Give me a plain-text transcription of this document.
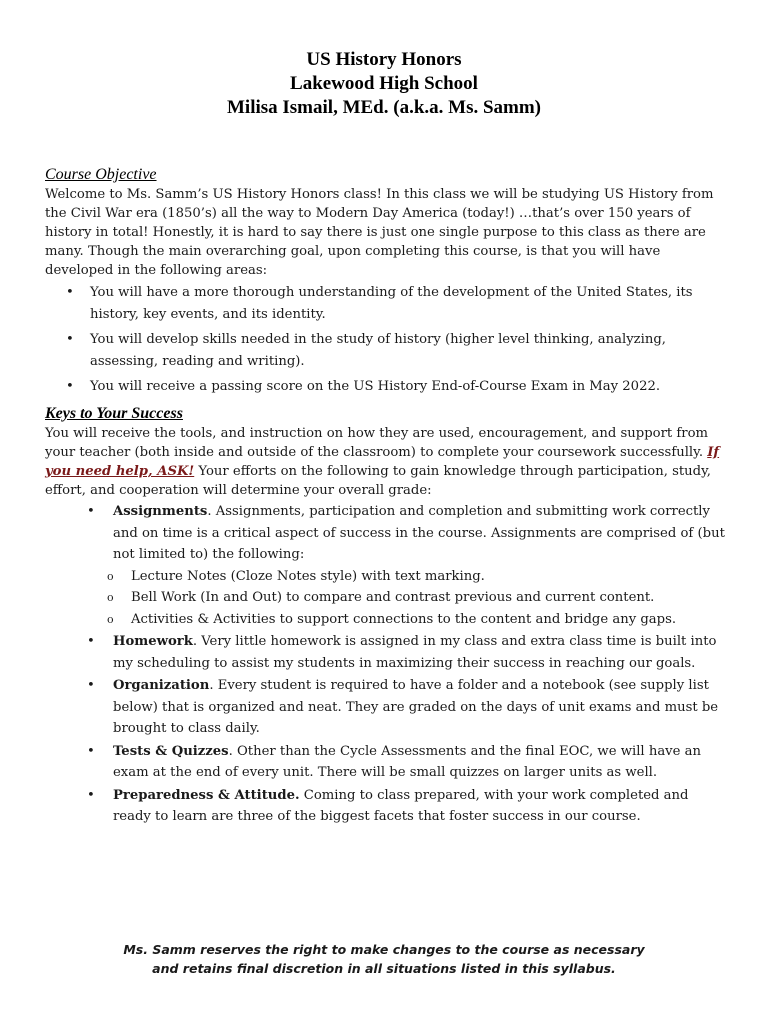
US History Honors
Lakewood High School
Milisa Ismail, MEd. (a.k.a. Ms. Samm)
Course Objective

Welcome to Ms. Samm’s US History Honors class! In this class we will be studying US History from the Civil War era (1850’s) all the way to Modern Day America (today!) …that’s over 150 years of history in total! Honestly, it is hard to say there is just one single purpose to this class as there are many. Though the main overarching goal, upon completing this course, is that you will have developed in the following areas:

• You will have a more thorough understanding of the development of the United States, its history, key events, and its identity.
• You will develop skills needed in the study of history (higher level thinking, analyzing, assessing, reading and writing).
• You will receive a passing score on the US History End-of-Course Exam in May 2022.
Keys to Your Success

You will receive the tools, and instruction on how they are used, encouragement, and support from your teacher (both inside and outside of the classroom) to complete your coursework successfully. If you need help, ASK! Your efforts on the following to gain knowledge through participation, study, effort, and cooperation will determine your overall grade:

• Assignments. Assignments, participation and completion and submitting work correctly and on time is a critical aspect of success in the course. Assignments are comprised of (but not limited to) the following:
o Lecture Notes (Cloze Notes style) with text marking.
o Bell Work (In and Out) to compare and contrast previous and current content.
o Activities & Activities to support connections to the content and bridge any gaps.
• Homework. Very little homework is assigned in my class and extra class time is built into my scheduling to assist my students in maximizing their success in reaching our goals.
• Organization. Every student is required to have a folder and a notebook (see supply list below) that is organized and neat. They are graded on the days of unit exams and must be brought to class daily.
• Tests & Quizzes. Other than the Cycle Assessments and the final EOC, we will have an exam at the end of every unit. There will be small quizzes on larger units as well.
• Preparedness & Attitude. Coming to class prepared, with your work completed and ready to learn are three of the biggest facets that foster success in our course.
Ms. Samm reserves the right to make changes to the course as necessary
and retains final discretion in all situations listed in this syllabus.
